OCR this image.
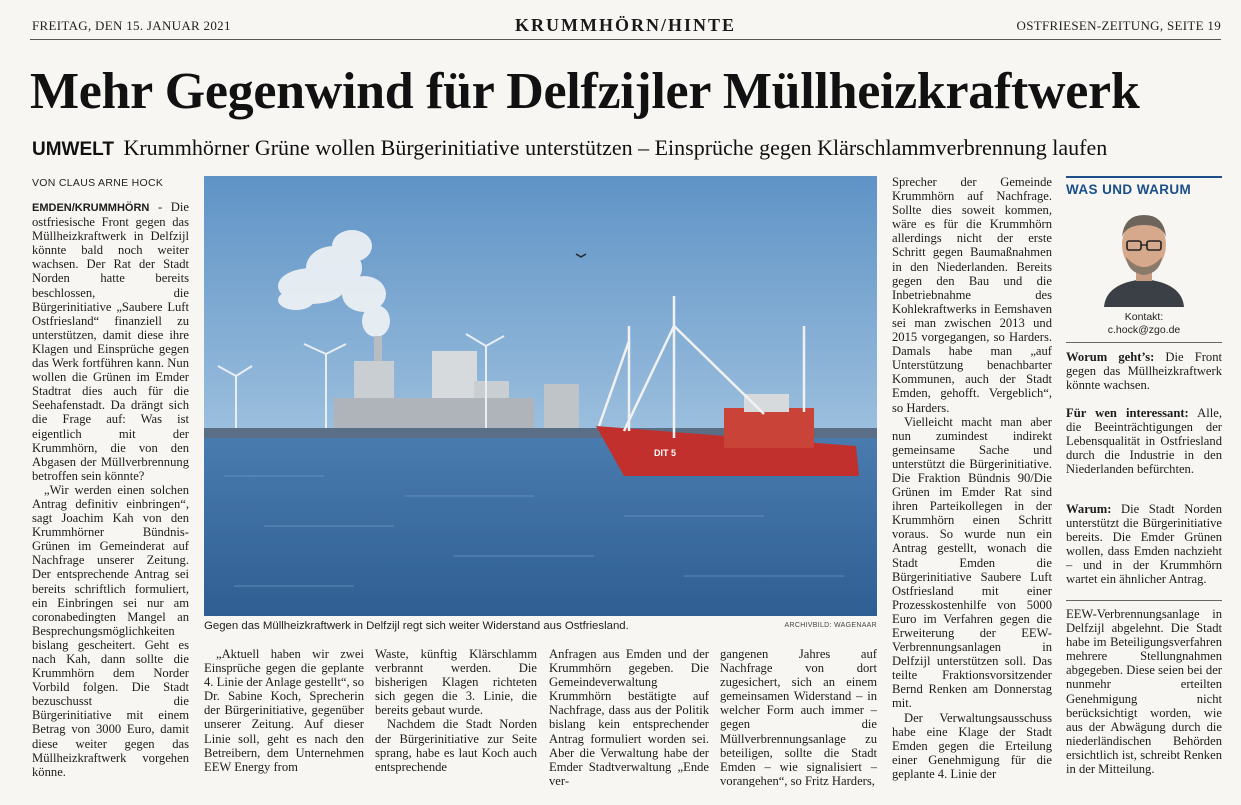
FREITAG, DEN 15. JANUAR 2021	KRUMMHÖRN/HINTE	OSTFRIESEN-ZEITUNG, SEITE 19
Mehr Gegenwind für Delfzijler Müllheizkraftwerk
UMWELT Krummhörner Grüne wollen Bürgerinitiative unterstützen – Einsprüche gegen Klärschlammverbrennung laufen
VON CLAUS ARNE HOCK

EMDEN/KRUMMHÖRN - Die ostfriesische Front gegen das Müllheizkraftwerk in Delfzijl könnte bald noch weiter wachsen. Der Rat der Stadt Norden hatte bereits beschlossen, die Bürgerinitiative „Saubere Luft Ostfriesland“ finanziell zu unterstützen, damit diese ihre Klagen und Einsprüche gegen das Werk fortführen kann. Nun wollen die Grünen im Emder Stadtrat dies auch für die Seehafenstadt. Da drängt sich die Frage auf: Was ist eigentlich mit der Krummhörn, die von den Abgasen der Müllverbrennung betroffen sein könnte?

„Wir werden einen solchen Antrag definitiv einbringen“, sagt Joachim Kah von den Krummhörner Bündnis-Grünen im Gemeinderat auf Nachfrage unserer Zeitung. Der entsprechende Antrag sei bereits schriftlich formuliert, ein Einbringen sei nur am coronabedingten Mangel an Besprechungsmöglichkeiten bislang gescheitert. Geht es nach Kah, dann sollte die Krummhörn dem Norder Vorbild folgen. Die Stadt bezuschusst die Bürgerinitiative mit einem Betrag von 3000 Euro, damit diese weiter gegen das Müllheizkraftwerk vorgehen könne.

DIT 5
Gegen das Müllheizkraftwerk in Delfzijl regt sich weiter Widerstand aus Ostfriesland.	ARCHIVBILD: WAGENAAR

„Aktuell haben wir zwei Einsprüche gegen die geplante 4. Linie der Anlage gestellt“, so Dr. Sabine Koch, Sprecherin der Bürgerinitiative, gegenüber unserer Zeitung. Auf dieser Linie soll, geht es nach den Betreibern, dem Unternehmen EEW Energy from

Waste, künftig Klärschlamm verbrannt werden. Die bisherigen Klagen richteten sich gegen die 3. Linie, die bereits gebaut wurde.

Nachdem die Stadt Norden der Bürgerinitiative zur Seite sprang, habe es laut Koch auch entsprechende

Anfragen aus Emden und der Krummhörn gegeben. Die Gemeindeverwaltung Krummhörn bestätigte auf Nachfrage, dass aus der Politik bislang kein entsprechender Antrag formuliert worden sei. Aber die Verwaltung habe der Emder Stadtverwaltung „Ende ver-

gangenen Jahres auf Nachfrage von dort zugesichert, sich an einem gemeinsamen Widerstand – in welcher Form auch immer – gegen die Müllverbrennungsanlage zu beteiligen, sollte die Stadt Emden – wie signalisiert – vorangehen“, so Fritz Harders,

Sprecher der Gemeinde Krummhörn auf Nachfrage. Sollte dies soweit kommen, wäre es für die Krummhörn allerdings nicht der erste Schritt gegen Baumaßnahmen in den Niederlanden. Bereits gegen den Bau und die Inbetriebnahme des Kohlekraftwerks in Eemshaven sei man zwischen 2013 und 2015 vorgegangen, so Harders. Damals habe man „auf Unterstützung benachbarter Kommunen, auch der Stadt Emden, gehofft. Vergeblich“, so Harders.

Vielleicht macht man aber nun zumindest indirekt gemeinsame Sache und unterstützt die Bürgerinitiative. Die Fraktion Bündnis 90/Die Grünen im Emder Rat sind ihren Parteikollegen in der Krummhörn einen Schritt voraus. So wurde nun ein Antrag gestellt, wonach die Stadt Emden die Bürgerinitiative Saubere Luft Ostfriesland mit einer Prozesskostenhilfe von 5000 Euro im Verfahren gegen die Erweiterung der EEW-Verbrennungsanlagen in Delfzijl unterstützen soll. Das teilte Fraktionsvorsitzender Bernd Renken am Donnerstag mit.

Der Verwaltungsausschuss habe eine Klage der Stadt Emden gegen die Erteilung einer Genehmigung für die geplante 4. Linie der

WAS UND WARUM
Kontakt:
c.hock@zgo.de
Worum geht’s: Die Front gegen das Müllheizkraftwerk könnte wachsen.
Für wen interessant: Alle, die Beeinträchtigungen der Lebensqualität in Ostfriesland durch die Industrie in den Niederlanden befürchten.
Warum: Die Stadt Norden unterstützt die Bürgerinitiative bereits. Die Emder Grünen wollen, dass Emden nachzieht – und in der Krummhörn wartet ein ähnlicher Antrag.
EEW-Verbrennungsanlage in Delfzijl abgelehnt. Die Stadt habe im Beteiligungsverfahren mehrere Stellungnahmen abgegeben. Diese seien bei der nunmehr erteilten Genehmigung nicht berücksichtigt worden, wie aus der Abwägung durch die niederländischen Behörden ersichtlich ist, schreibt Renken in der Mitteilung.
